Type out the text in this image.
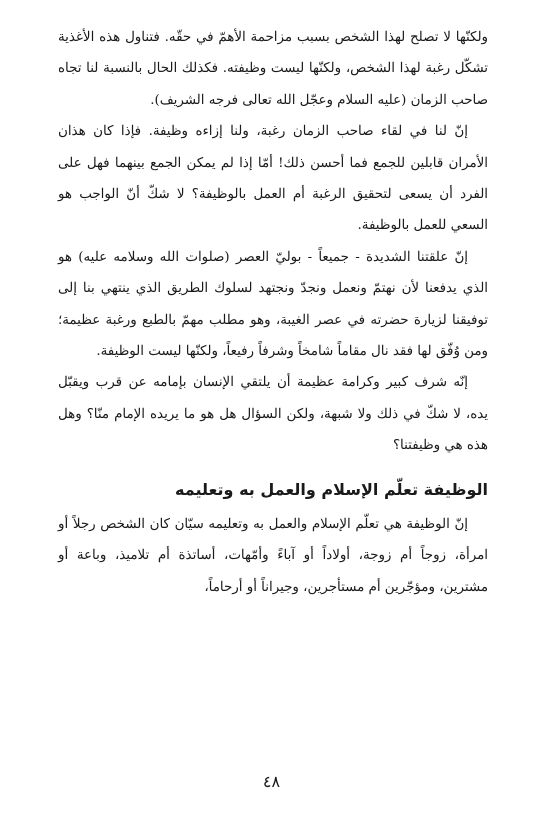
ولكنّها لا تصلح لهذا الشخص بسبب مزاحمة الأهمّ في حقّه. فتناول هذه الأغذية تشكّل رغبة لهذا الشخص، ولكنّها ليست وظيفته. فكذلك الحال بالنسبة لنا تجاه صاحب الزمان (عليه السلام وعجّل الله تعالى فرجه الشريف).

إنّ لنا في لقاء صاحب الزمان رغبة، ولنا إزاءه وظيفة. فإذا كان هذان الأمران قابلين للجمع فما أحسن ذلك! أمّا إذا لم يمكن الجمع بينهما فهل على الفرد أن يسعى لتحقيق الرغبة أم العمل بالوظيفة؟ لا شكّ أنّ الواجب هو السعي للعمل بالوظيفة.

إنّ علقتنا الشديدة - جميعاً - بوليّ العصر (صلوات الله وسلامه عليه) هو الذي يدفعنا لأن نهتمّ ونعمل ونجدّ ونجتهد لسلوك الطريق الذي ينتهي بنا إلى توفيقنا لزيارة حضرته في عصر الغيبة، وهو مطلب مهمّ بالطبع ورغبة عظيمة؛ ومن وُفّق لها فقد نال مقاماً شامخاً وشرفاً رفيعاً، ولكنّها ليست الوظيفة.

إنّه شرف كبير وكرامة عظيمة أن يلتقي الإنسان بإمامه عن قرب ويقبّل يده، لا شكّ في ذلك ولا شبهة، ولكن السؤال هل هو ما يريده الإمام منّا؟ وهل هذه هي وظيفتنا؟

الوظيفة تعلّم الإسلام والعمل به وتعليمه

إنّ الوظيفة هي تعلّم الإسلام والعمل به وتعليمه سيّان كان الشخص رجلاً أو امرأة، زوجاً أم زوجة، أولاداً أو آباءً وأمّهات، أساتذة أم تلاميذ، وباعة أو مشترين، ومؤجّرين أم مستأجرين، وجيراناً أو أرحاماً،

٤٨
